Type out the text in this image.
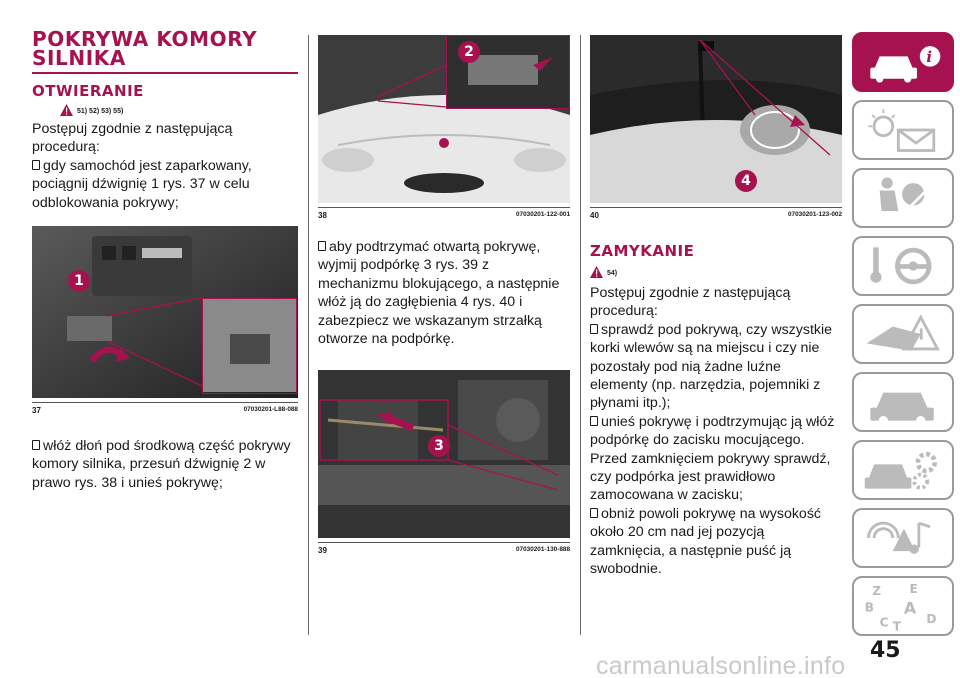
POKRYWA KOMORY
SILNIKA
OTWIERANIE
51) 52) 53) 55)

Postępuj zgodnie z następującą procedurą:

gdy samochód jest zaparkowany, pociągnij dźwignię 1 rys. 37 w celu odblokowania pokrywy;
1
37	07030201-L88-088
włóż dłoń pod środkową część pokrywy komory silnika, przesuń dźwignię 2 w prawo rys. 38 i unieś pokrywę;
2
38	07030201-122-001
aby podtrzymać otwartą pokrywę, wyjmij podpórkę 3 rys. 39 z mechanizmu blokującego, a następnie włóż ją do zagłębienia 4 rys. 40 i zabezpiecz we wskazanym strzałką otworze na podpórkę.
3
39	07030201-130-888
4
40	07030201-123-002
ZAMYKANIE
54)

Postępuj zgodnie z następującą procedurą:

sprawdź pod pokrywą, czy wszystkie korki wlewów są na miejscu i czy nie pozostały pod nią żadne luźne elementy (np. narzędzia, pojemniki z płynami itp.);
unieś pokrywę i podtrzymując ją włóż podpórkę do zacisku mocującego. Przed zamknięciem pokrywy sprawdź, czy podpórka jest prawidłowo zamocowana w zacisku;
obniż powoli pokrywę na wysokość około 20 cm nad jej pozycją zamknięcia, a następnie puść ją swobodnie.
i
Z E
B A
C	D
T
45
carmanualsonline.info
